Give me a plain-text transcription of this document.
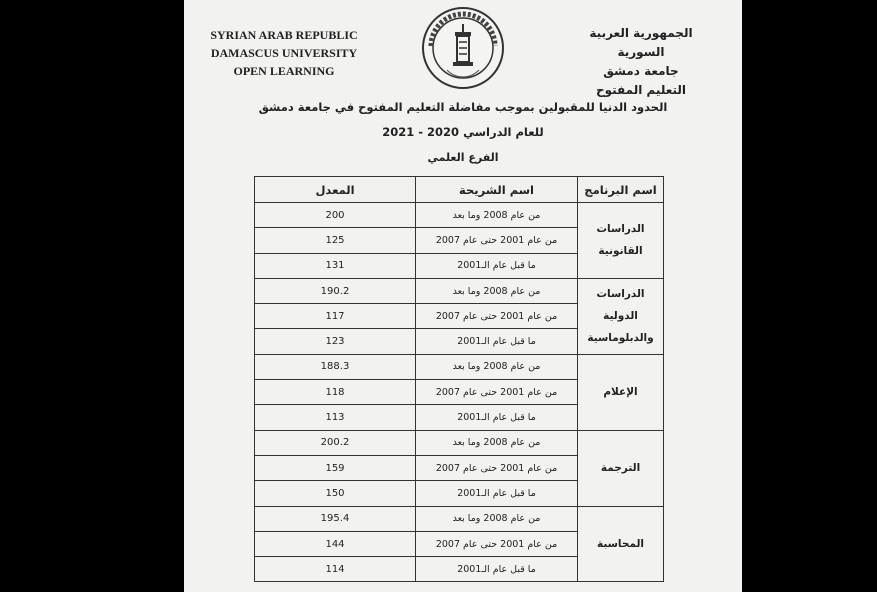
SYRIAN ARAB REPUBLIC
DAMASCUS UNIVERSITY
OPEN LEARNING
الجمهورية العربية السورية
جامعة دمشق
التعليم المفتوح
الحدود الدنيا للمقبولين بموجب مفاضلة التعليم المفتوح في جامعة دمشق
للعام الدراسي 2020 - 2021
الفرع العلمي
اسم البرنامج	اسم الشريحة	المعدل
الدراسات القانونية	من عام 2008 وما بعد	200
	من عام 2001 حتى عام 2007	125
	ما قبل عام الـ2001	131
الدراسات الدولية والدبلوماسية	من عام 2008 وما بعد	190.2
	من عام 2001 حتى عام 2007	117
	ما قبل عام الـ2001	123
الإعلام	من عام 2008 وما بعد	188.3
	من عام 2001 حتى عام 2007	118
	ما قبل عام الـ2001	113
الترجمة	من عام 2008 وما بعد	200.2
	من عام 2001 حتى عام 2007	159
	ما قبل عام الـ2001	150
المحاسبة	من عام 2008 وما بعد	195.4
	من عام 2001 حتى عام 2007	144
	ما قبل عام الـ2001	114
